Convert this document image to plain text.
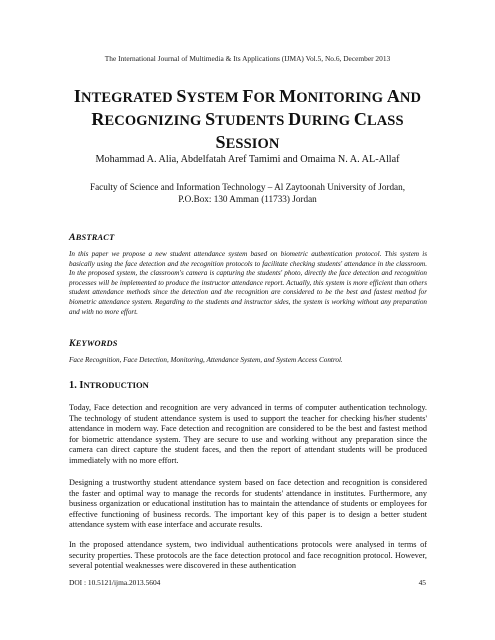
The International Journal of Multimedia & Its Applications (IJMA) Vol.5, No.6, December 2013
INTEGRATED SYSTEM FOR MONITORING AND
RECOGNIZING STUDENTS DURING CLASS
SESSION
Mohammad A. Alia, Abdelfatah Aref Tamimi and Omaima N. A. AL-Allaf
Faculty of Science and Information Technology – Al Zaytoonah University of Jordan,
P.O.Box: 130 Amman (11733) Jordan
ABSTRACT
In this paper we propose a new student attendance system based on biometric authentication protocol. This system is basically using the face detection and the recognition protocols to facilitate checking students' attendance in the classroom. In the proposed system, the classroom's camera is capturing the students' photo, directly the face detection and recognition processes will be implemented to produce the instructor attendance report. Actually, this system is more efficient than others student attendance methods since the detection and the recognition are considered to be the best and fastest method for biometric attendance system. Regarding to the students and instructor sides, the system is working without any preparation and with no more effort.
KEYWORDS
Face Recognition, Face Detection, Monitoring, Attendance System, and System Access Control.
1. INTRODUCTION
Today, Face detection and recognition are very advanced in terms of computer authentication technology. The technology of student attendance system is used to support the teacher for checking his/her students' attendance in modern way. Face detection and recognition are considered to be the best and fastest method for biometric attendance system. They are secure to use and working without any preparation since the camera can direct capture the student faces, and then the report of attendant students will be produced immediately with no more effort.
Designing a trustworthy student attendance system based on face detection and recognition is considered the faster and optimal way to manage the records for students' attendance in institutes. Furthermore, any business organization or educational institution has to maintain the attendance of students or employees for effective functioning of business records. The important key of this paper is to design a better student attendance system with ease interface and accurate results.
In the proposed attendance system, two individual authentications protocols were analysed in terms of security properties. These protocols are the face detection protocol and face recognition protocol. However, several potential weaknesses were discovered in these authentication
DOI : 10.5121/ijma.2013.5604	45
